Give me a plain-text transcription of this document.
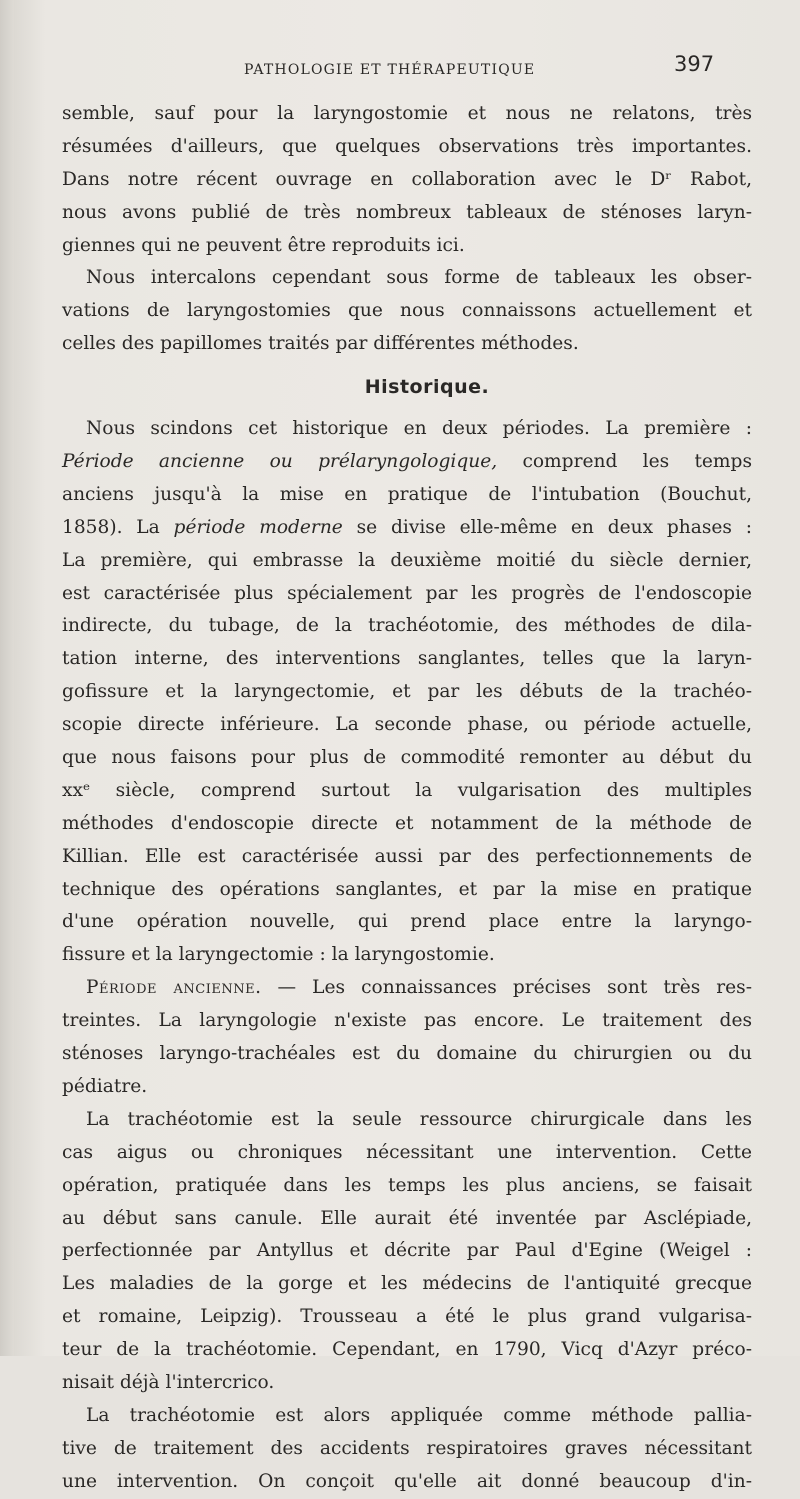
PATHOLOGIE ET THÉRAPEUTIQUE	397
semble, sauf pour la laryngostomie et nous ne relatons, très
résumées d'ailleurs, que quelques observations très importantes.
Dans notre récent ouvrage en collaboration avec le Dʳ Rabot,
nous avons publié de très nombreux tableaux de sténoses laryn-
giennes qui ne peuvent être reproduits ici.
Nous intercalons cependant sous forme de tableaux les obser-
vations de laryngostomies que nous connaissons actuellement et
celles des papillomes traités par différentes méthodes.
Historique.
Nous scindons cet historique en deux périodes. La première :
Période ancienne ou prélaryngologique, comprend les temps
anciens jusqu'à la mise en pratique de l'intubation (Bouchut,
1858). La période moderne se divise elle-même en deux phases :
La première, qui embrasse la deuxième moitié du siècle dernier,
est caractérisée plus spécialement par les progrès de l'endoscopie
indirecte, du tubage, de la trachéotomie, des méthodes de dila-
tation interne, des interventions sanglantes, telles que la laryn-
gofissure et la laryngectomie, et par les débuts de la trachéo-
scopie directe inférieure. La seconde phase, ou période actuelle,
que nous faisons pour plus de commodité remonter au début du
xxᵉ siècle, comprend surtout la vulgarisation des multiples
méthodes d'endoscopie directe et notamment de la méthode de
Killian. Elle est caractérisée aussi par des perfectionnements de
technique des opérations sanglantes, et par la mise en pratique
d'une opération nouvelle, qui prend place entre la laryngo-
fissure et la laryngectomie : la laryngostomie.
Période ancienne. — Les connaissances précises sont très res-
treintes. La laryngologie n'existe pas encore. Le traitement des
sténoses laryngo-trachéales est du domaine du chirurgien ou du
pédiatre.
La trachéotomie est la seule ressource chirurgicale dans les
cas aigus ou chroniques nécessitant une intervention. Cette
opération, pratiquée dans les temps les plus anciens, se faisait
au début sans canule. Elle aurait été inventée par Asclépiade,
perfectionnée par Antyllus et décrite par Paul d'Egine (Weigel :
Les maladies de la gorge et les médecins de l'antiquité grecque
et romaine, Leipzig). Trousseau a été le plus grand vulgarisa-
teur de la trachéotomie. Cependant, en 1790, Vicq d'Azyr préco-
nisait déjà l'intercrico.
La trachéotomie est alors appliquée comme méthode pallia-
tive de traitement des accidents respiratoires graves nécessitant
une intervention. On conçoit qu'elle ait donné beaucoup d'in-
